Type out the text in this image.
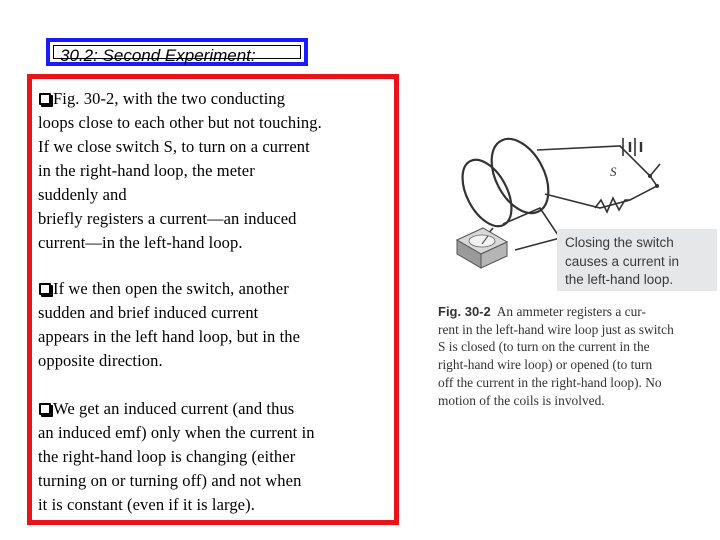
30.2: Second Experiment:
Fig. 30-2, with the two conducting
loops close to each other but not touching.
If we close switch S, to turn on a current
in the right-hand loop, the meter
suddenly and
briefly registers a current—an induced
current—in the left-hand loop.
If we then open the switch, another
sudden and brief induced current
appears in the left hand loop, but in the
opposite direction.
We get an induced current (and thus
an induced emf) only when the current in
the right-hand loop is changing (either
turning on or turning off) and not when
it is constant (even if it is large).
S
Closing the switch
causes a current in
the left-hand loop.
Fig. 30-2 An ammeter registers a cur-
rent in the left-hand wire loop just as switch
S is closed (to turn on the current in the
right-hand wire loop) or opened (to turn
off the current in the right-hand loop). No
motion of the coils is involved.
